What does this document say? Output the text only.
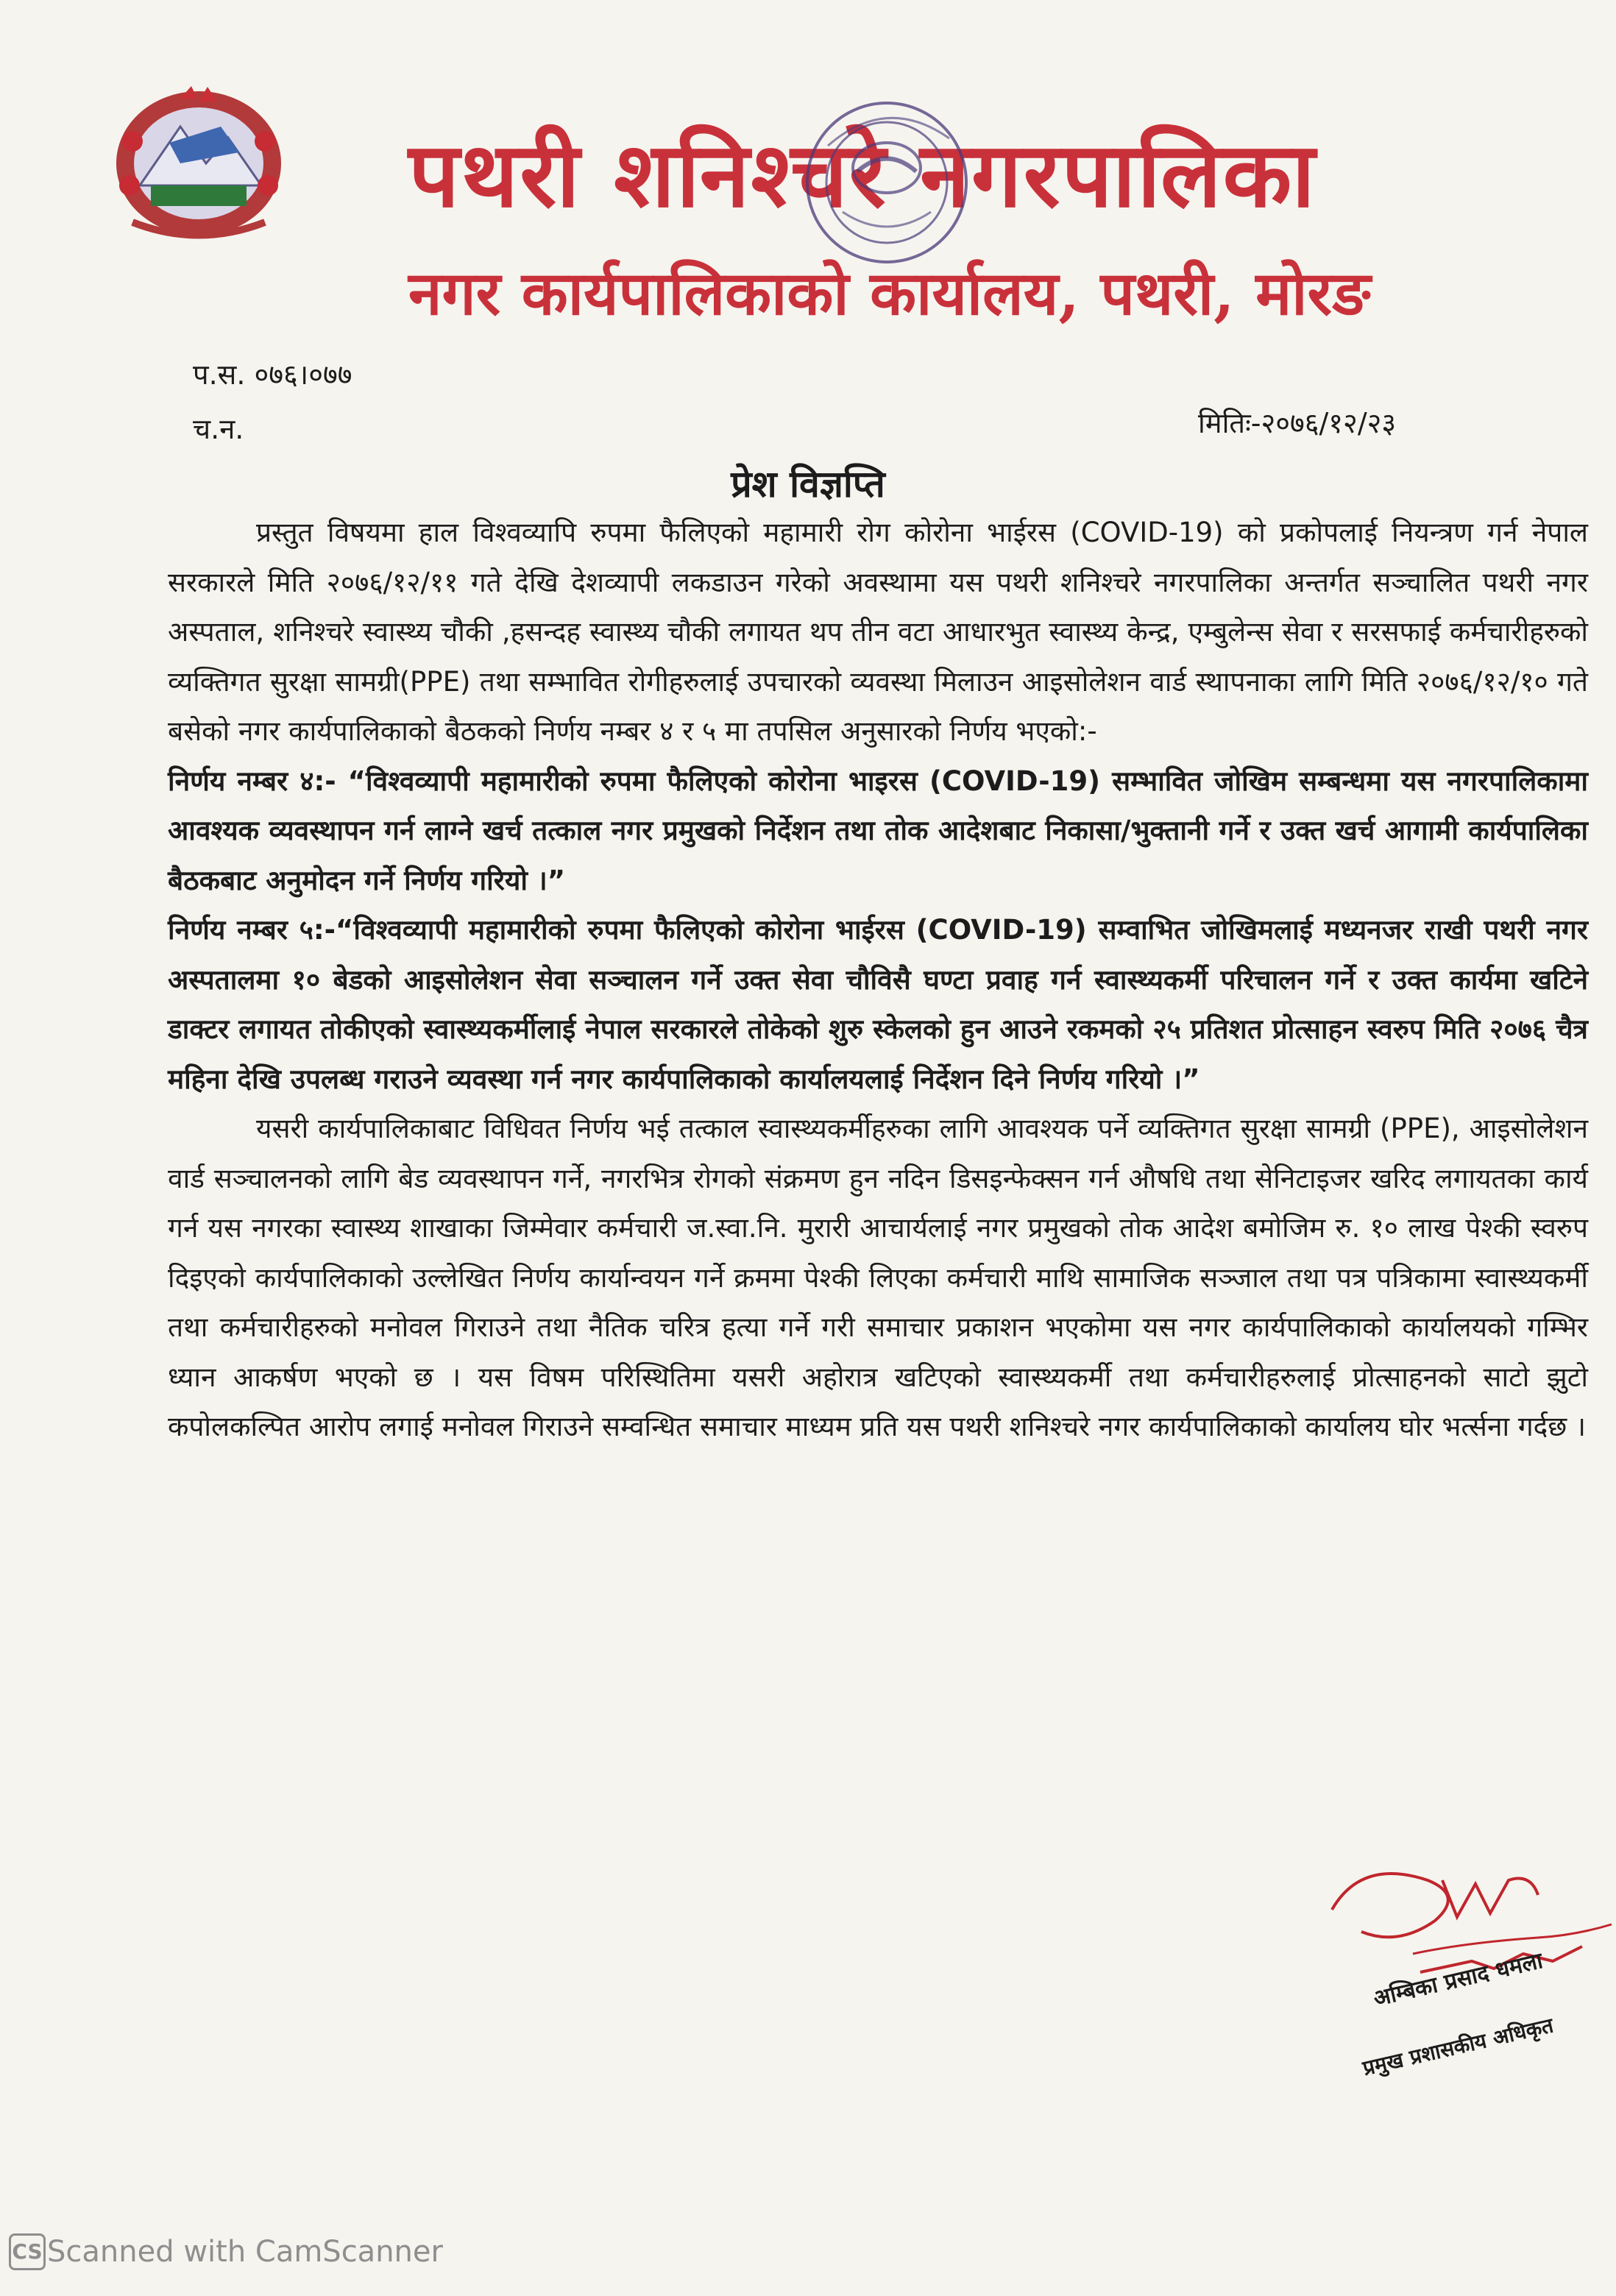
पथरी शनिश्चरे नगरपालिका
नगर कार्यपालिकाको कार्यालय, पथरी, मोरङ
प.स. ०७६।०७७
च.न.	मितिः-२०७६/१२/२३
प्रेश विज्ञप्ति

प्रस्तुत विषयमा हाल विश्वव्यापि रुपमा फैलिएको महामारी रोग कोरोना भाईरस (COVID-19) को प्रकोपलाई नियन्त्रण गर्न नेपाल सरकारले मिति २०७६/१२/११ गते देखि देशव्यापी लकडाउन गरेको अवस्थामा यस पथरी शनिश्चरे नगरपालिका अन्तर्गत सञ्चालित पथरी नगर अस्पताल, शनिश्चरे स्वास्थ्य चौकी ,हसन्दह स्वास्थ्य चौकी लगायत थप तीन वटा आधारभुत स्वास्थ्य केन्द्र, एम्बुलेन्स सेवा र सरसफाई कर्मचारीहरुको व्यक्तिगत सुरक्षा सामग्री(PPE) तथा सम्भावित रोगीहरुलाई उपचारको व्यवस्था मिलाउन आइसोलेशन वार्ड स्थापनाका लागि मिति २०७६/१२/१० गते बसेको नगर कार्यपालिकाको बैठकको निर्णय नम्बर ४ र ५ मा तपसिल अनुसारको निर्णय भएको:-

निर्णय नम्बर ४:- “विश्वव्यापी महामारीको रुपमा फैलिएको कोरोना भाइरस (COVID-19) सम्भावित जोखिम सम्बन्धमा यस नगरपालिकामा आवश्यक व्यवस्थापन गर्न लाग्ने खर्च तत्काल नगर प्रमुखको निर्देशन तथा तोक आदेशबाट निकासा/भुक्तानी गर्ने र उक्त खर्च आगामी कार्यपालिका बैठकबाट अनुमोदन गर्ने निर्णय गरियो ।”

निर्णय नम्बर ५:-“विश्वव्यापी महामारीको रुपमा फैलिएको कोरोना भाईरस (COVID-19) सम्वाभित जोखिमलाई मध्यनजर राखी पथरी नगर अस्पतालमा १० बेडको आइसोलेशन सेवा सञ्चालन गर्ने उक्त सेवा चौविसै घण्टा प्रवाह गर्न स्वास्थ्यकर्मी परिचालन गर्ने र उक्त कार्यमा खटिने डाक्टर लगायत तोकीएको स्वास्थ्यकर्मीलाई नेपाल सरकारले तोकेको शुरु स्केलको हुन आउने रकमको २५ प्रतिशत प्रोत्साहन स्वरुप मिति २०७६ चैत्र महिना देखि उपलब्ध गराउने व्यवस्था गर्न नगर कार्यपालिकाको कार्यालयलाई निर्देशन दिने निर्णय गरियो ।”

यसरी कार्यपालिकाबाट विधिवत निर्णय भई तत्काल स्वास्थ्यकर्मीहरुका लागि आवश्यक पर्ने व्यक्तिगत सुरक्षा सामग्री (PPE), आइसोलेशन वार्ड सञ्चालनको लागि बेड व्यवस्थापन गर्ने, नगरभित्र रोगको संक्रमण हुन नदिन डिसइन्फेक्सन गर्न औषधि तथा सेनिटाइजर खरिद लगायतका कार्य गर्न यस नगरका स्वास्थ्य शाखाका जिम्मेवार कर्मचारी ज.स्वा.नि. मुरारी आचार्यलाई नगर प्रमुखको तोक आदेश बमोजिम रु. १० लाख पेश्की स्वरुप दिइएको कार्यपालिकाको उल्लेखित निर्णय कार्यान्वयन गर्ने क्रममा पेश्की लिएका कर्मचारी माथि सामाजिक सञ्जाल तथा पत्र पत्रिकामा स्वास्थ्यकर्मी तथा कर्मचारीहरुको मनोवल गिराउने तथा नैतिक चरित्र हत्या गर्ने गरी समाचार प्रकाशन भएकोमा यस नगर कार्यपालिकाको कार्यालयको गम्भिर ध्यान आकर्षण भएको छ । यस विषम परिस्थितिमा यसरी अहोरात्र खटिएको स्वास्थ्यकर्मी तथा कर्मचारीहरुलाई प्रोत्साहनको साटो झुटो कपोलकल्पित आरोप लगाई मनोवल गिराउने सम्वन्धित समाचार माध्यम प्रति यस पथरी शनिश्चरे नगर कार्यपालिकाको कार्यालय घोर भर्त्सना गर्दछ ।

अम्बिका प्रसाद धमला
प्रमुख प्रशासकीय अधिकृत
CS Scanned with CamScanner
